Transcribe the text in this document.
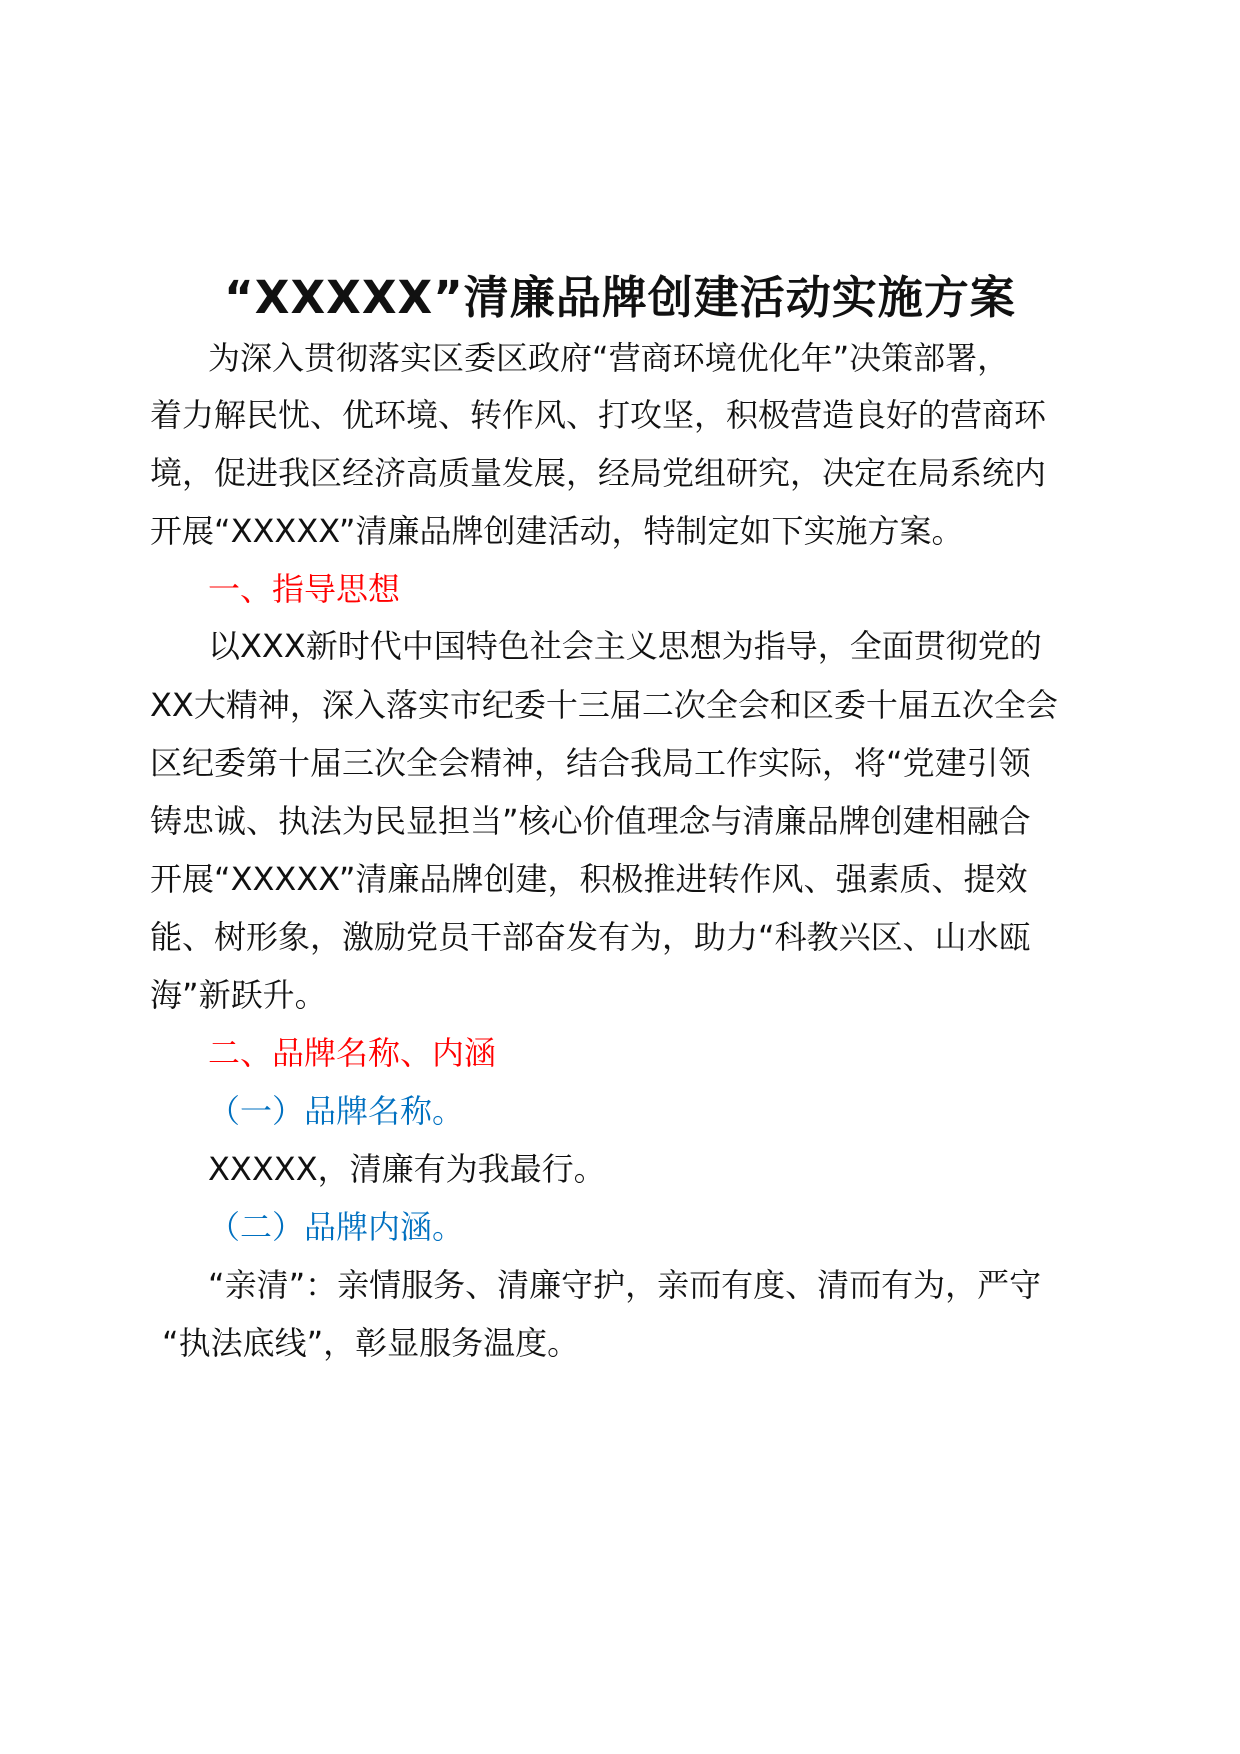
“XXXXX”清廉品牌创建活动实施方案
为深入贯彻落实区委区政府“营商环境优化年”决策部署，
着力解民忧、优环境、转作风、打攻坚，积极营造良好的营商环
境，促进我区经济高质量发展，经局党组研究，决定在局系统内
开展“XXXXX”清廉品牌创建活动，特制定如下实施方案。
一、指导思想
以XXX新时代中国特色社会主义思想为指导，全面贯彻党的
XX大精神，深入落实市纪委十三届二次全会和区委十届五次全会
区纪委第十届三次全会精神，结合我局工作实际，将“党建引领
铸忠诚、执法为民显担当”核心价值理念与清廉品牌创建相融合
开展“XXXXX”清廉品牌创建，积极推进转作风、强素质、提效
能、树形象，激励党员干部奋发有为，助力“科教兴区、山水瓯
海”新跃升。
二、品牌名称、内涵
（一）品牌名称。
XXXXX，清廉有为我最行。
（二）品牌内涵。
“亲清”：亲情服务、清廉守护，亲而有度、清而有为，严守
“执法底线”，彰显服务温度。
